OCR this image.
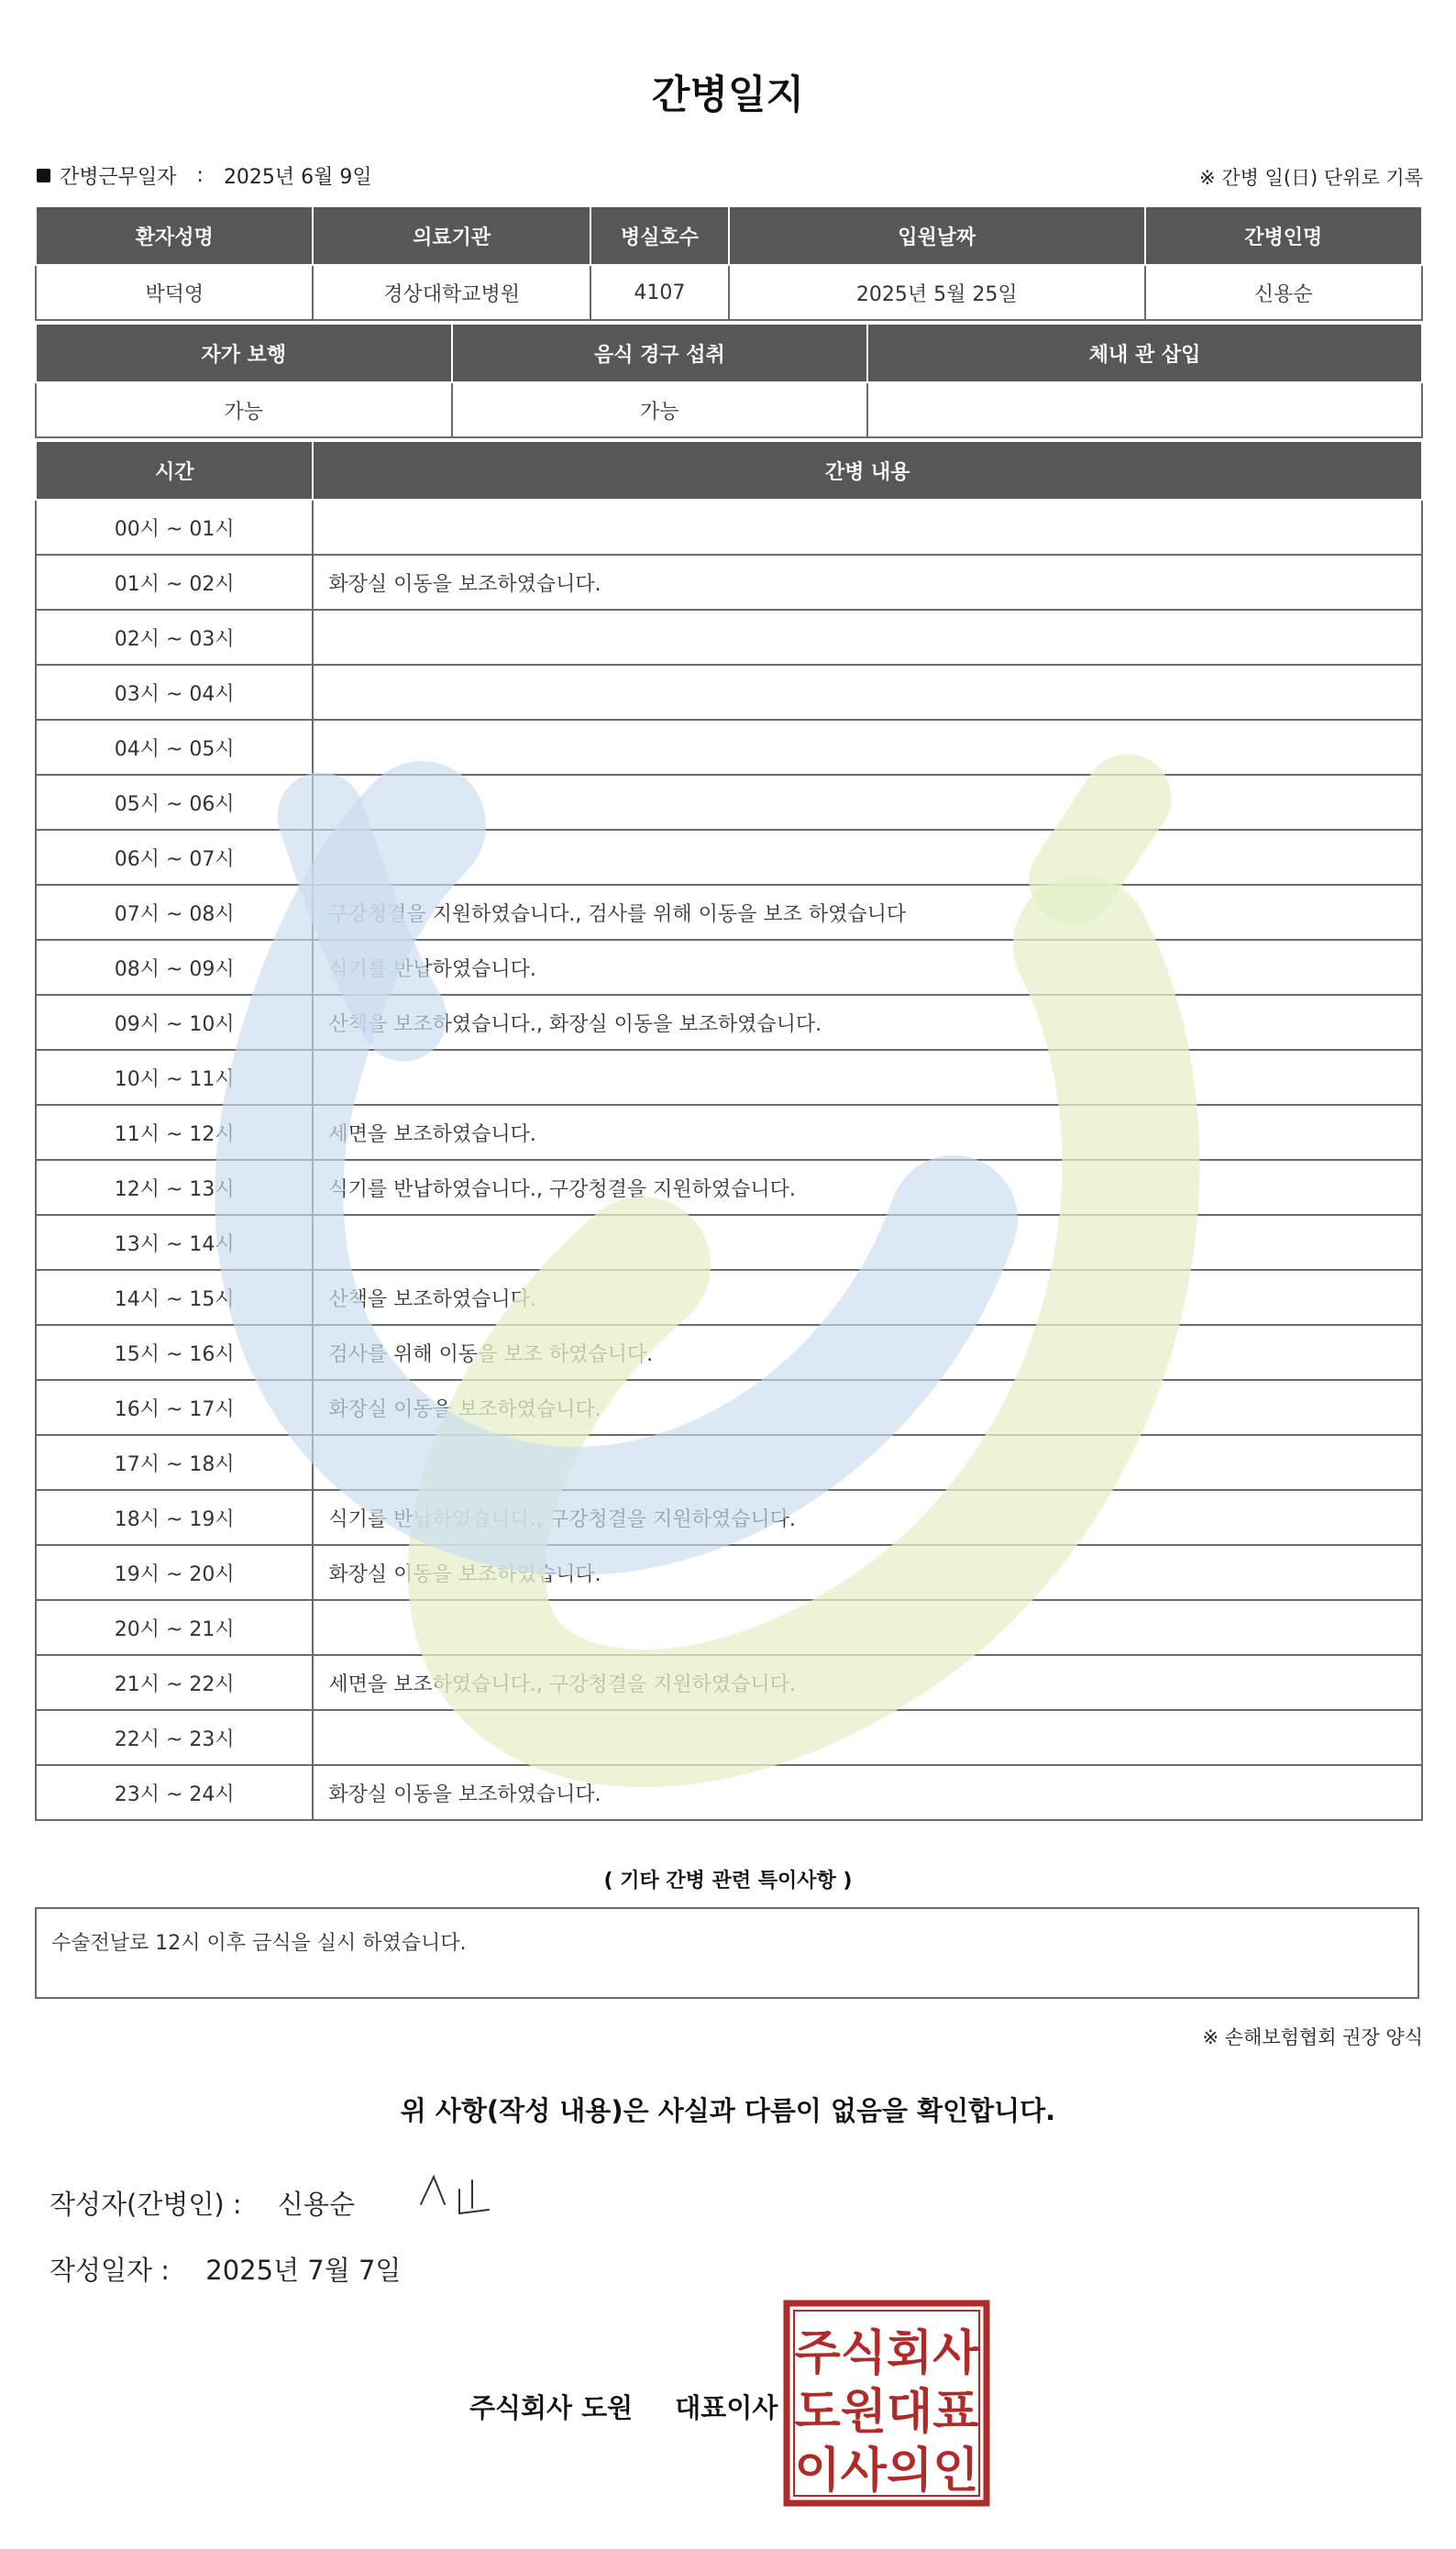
간병일지
간병근무일자 : 2025년 6월 9일	※ 간병 일(日) 단위로 기록
환자성명	의료기관	병실호수	입원날짜	간병인명
박덕영	경상대학교병원	4107	2025년 5월 25일	신용순
자가 보행	음식 경구 섭취	체내 관 삽입
가능	가능	
시간	간병 내용
00시 ~ 01시	
01시 ~ 02시	화장실 이동을 보조하였습니다.
02시 ~ 03시	
03시 ~ 04시	
04시 ~ 05시	
05시 ~ 06시	
06시 ~ 07시	
07시 ~ 08시	구강청결을 지원하였습니다., 검사를 위해 이동을 보조 하였습니다
08시 ~ 09시	식기를 반납하였습니다.
09시 ~ 10시	산책을 보조하였습니다., 화장실 이동을 보조하였습니다.
10시 ~ 11시	
11시 ~ 12시	세면을 보조하였습니다.
12시 ~ 13시	식기를 반납하였습니다., 구강청결을 지원하였습니다.
13시 ~ 14시	
14시 ~ 15시	산책을 보조하였습니다.
15시 ~ 16시	검사를 위해 이동을 보조 하였습니다.
16시 ~ 17시	화장실 이동을 보조하였습니다.
17시 ~ 18시	
18시 ~ 19시	식기를 반납하였습니다., 구강청결을 지원하였습니다.
19시 ~ 20시	화장실 이동을 보조하였습니다.
20시 ~ 21시	
21시 ~ 22시	세면을 보조하였습니다., 구강청결을 지원하였습니다.
22시 ~ 23시	
23시 ~ 24시	화장실 이동을 보조하였습니다.
( 기타 간병 관련 특이사항 )
수술전날로 12시 이후 금식을 실시 하였습니다.
※ 손해보험협회 권장 양식
위 사항(작성 내용)은 사실과 다름이 없음을 확인합니다.
작성자(간병인) : 신용순
작성일자 : 2025년 7월 7일
주식회사 도원 대표이사
주식회사
도원대표
이사의인
